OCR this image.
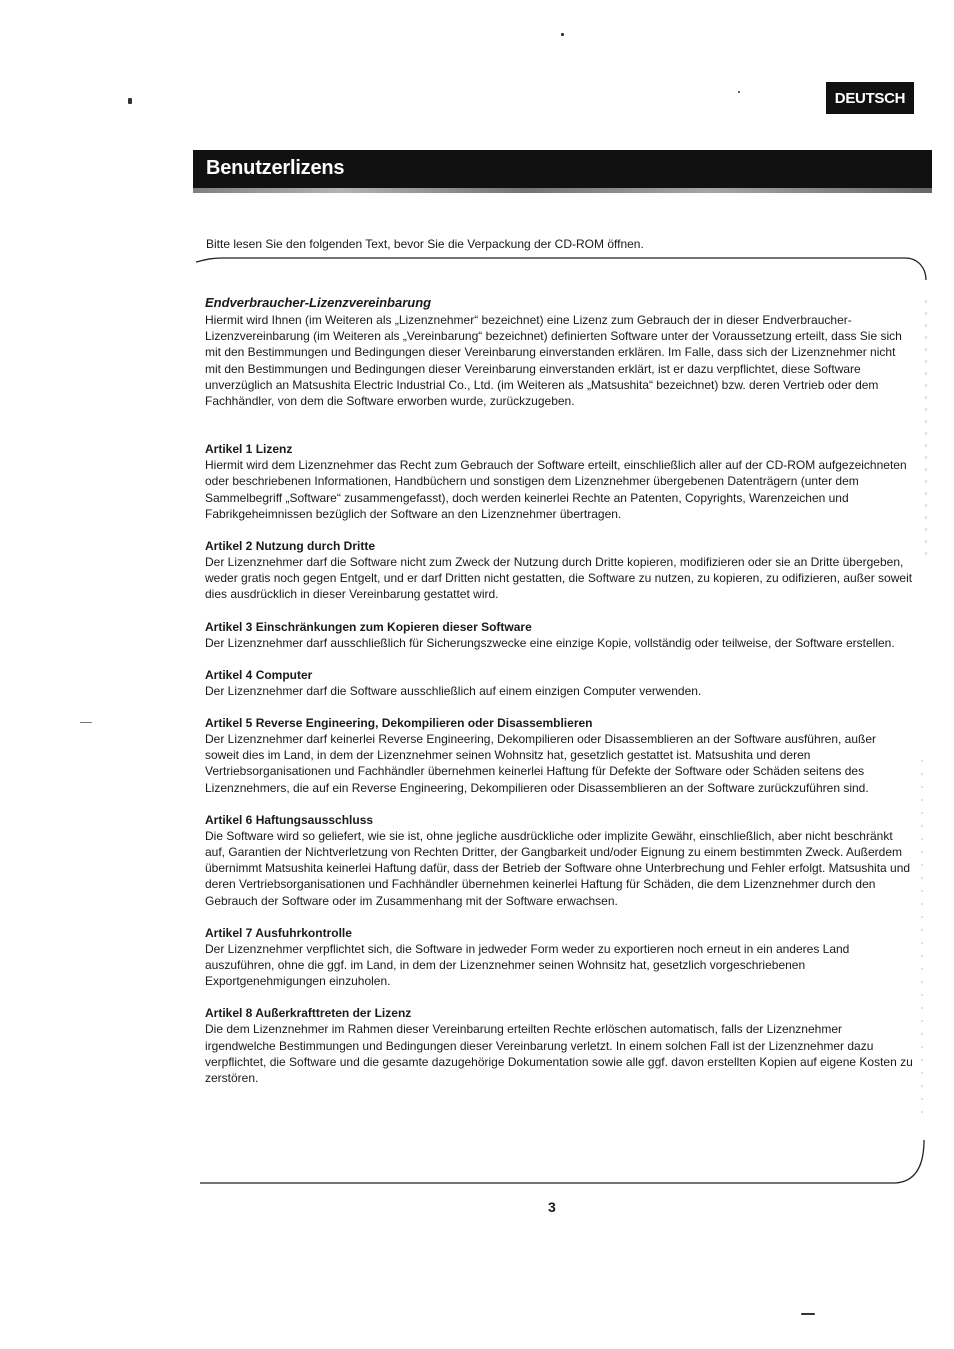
DEUTSCH
Benutzerlizens

Bitte lesen Sie den folgenden Text, bevor Sie die Verpackung der CD-ROM öffnen.

Endverbraucher-Lizenzvereinbarung

Hiermit wird Ihnen (im Weiteren als „Lizenznehmer“ bezeichnet) eine Lizenz zum Gebrauch der in dieser Endverbraucher-Lizenzvereinbarung (im Weiteren als „Vereinbarung“ bezeichnet) definierten Software unter der Voraussetzung erteilt, dass Sie sich mit den Bestimmungen und Bedingungen dieser Vereinbarung einverstanden erklären. Im Falle, dass sich der Lizenznehmer nicht mit den Bestimmungen und Bedingungen dieser Vereinbarung einverstanden erklärt, ist er dazu verpflichtet, diese Software unverzüglich an Matsushita Electric Industrial Co., Ltd. (im Weiteren als „Matsushita“ bezeichnet) bzw. deren Vertrieb oder dem Fachhändler, von dem die Software erworben wurde, zurückzugeben.

Artikel 1 Lizenz

Hiermit wird dem Lizenznehmer das Recht zum Gebrauch der Software erteilt, einschließlich aller auf der CD-ROM aufgezeichneten oder beschriebenen Informationen, Handbüchern und sonstigen dem Lizenznehmer übergebenen Datenträgern (unter dem Sammelbegriff „Software“ zusammengefasst), doch werden keinerlei Rechte an Patenten, Copyrights, Warenzeichen und Fabrikgeheimnissen bezüglich der Software an den Lizenznehmer übertragen.

Artikel 2 Nutzung durch Dritte

Der Lizenznehmer darf die Software nicht zum Zweck der Nutzung durch Dritte kopieren, modifizieren oder sie an Dritte übergeben, weder gratis noch gegen Entgelt, und er darf Dritten nicht gestatten, die Software zu nutzen, zu kopieren, zu odifizieren, außer soweit dies ausdrücklich in dieser Vereinbarung gestattet wird.

Artikel 3 Einschränkungen zum Kopieren dieser Software

Der Lizenznehmer darf ausschließlich für Sicherungszwecke eine einzige Kopie, vollständig oder teilweise, der Software erstellen.

Artikel 4 Computer

Der Lizenznehmer darf die Software ausschließlich auf einem einzigen Computer verwenden.

Artikel 5 Reverse Engineering, Dekompilieren oder Disassemblieren

Der Lizenznehmer darf keinerlei Reverse Engineering, Dekompilieren oder Disassemblieren an der Software ausführen, außer soweit dies im Land, in dem der Lizenznehmer seinen Wohnsitz hat, gesetzlich gestattet ist. Matsushita und deren Vertriebsorganisationen und Fachhändler übernehmen keinerlei Haftung für Defekte der Software oder Schäden seitens des Lizenznehmers, die auf ein Reverse Engineering, Dekompilieren oder Disassemblieren an der Software zurückzuführen sind.

Artikel 6 Haftungsausschluss

Die Software wird so geliefert, wie sie ist, ohne jegliche ausdrückliche oder implizite Gewähr, einschließlich, aber nicht beschränkt auf, Garantien der Nichtverletzung von Rechten Dritter, der Gangbarkeit und/oder Eignung zu einem bestimmten Zweck. Außerdem übernimmt Matsushita keinerlei Haftung dafür, dass der Betrieb der Software ohne Unterbrechung und Fehler erfolgt. Matsushita und deren Vertriebsorganisationen und Fachhändler übernehmen keinerlei Haftung für Schäden, die dem Lizenznehmer durch den Gebrauch der Software oder im Zusammenhang mit der Software erwachsen.

Artikel 7 Ausfuhrkontrolle

Der Lizenznehmer verpflichtet sich, die Software in jedweder Form weder zu exportieren noch erneut in ein anderes Land auszuführen, ohne die ggf. im Land, in dem der Lizenznehmer seinen Wohnsitz hat, gesetzlich vorgeschriebenen Exportgenehmigungen einzuholen.

Artikel 8 Außerkrafttreten der Lizenz

Die dem Lizenznehmer im Rahmen dieser Vereinbarung erteilten Rechte erlöschen automatisch, falls der Lizenznehmer irgendwelche Bestimmungen und Bedingungen dieser Vereinbarung verletzt. In einem solchen Fall ist der Lizenznehmer dazu verpflichtet, die Software und die gesamte dazugehörige Dokumentation sowie alle ggf. davon erstellten Kopien auf eigene Kosten zu zerstören.

3
